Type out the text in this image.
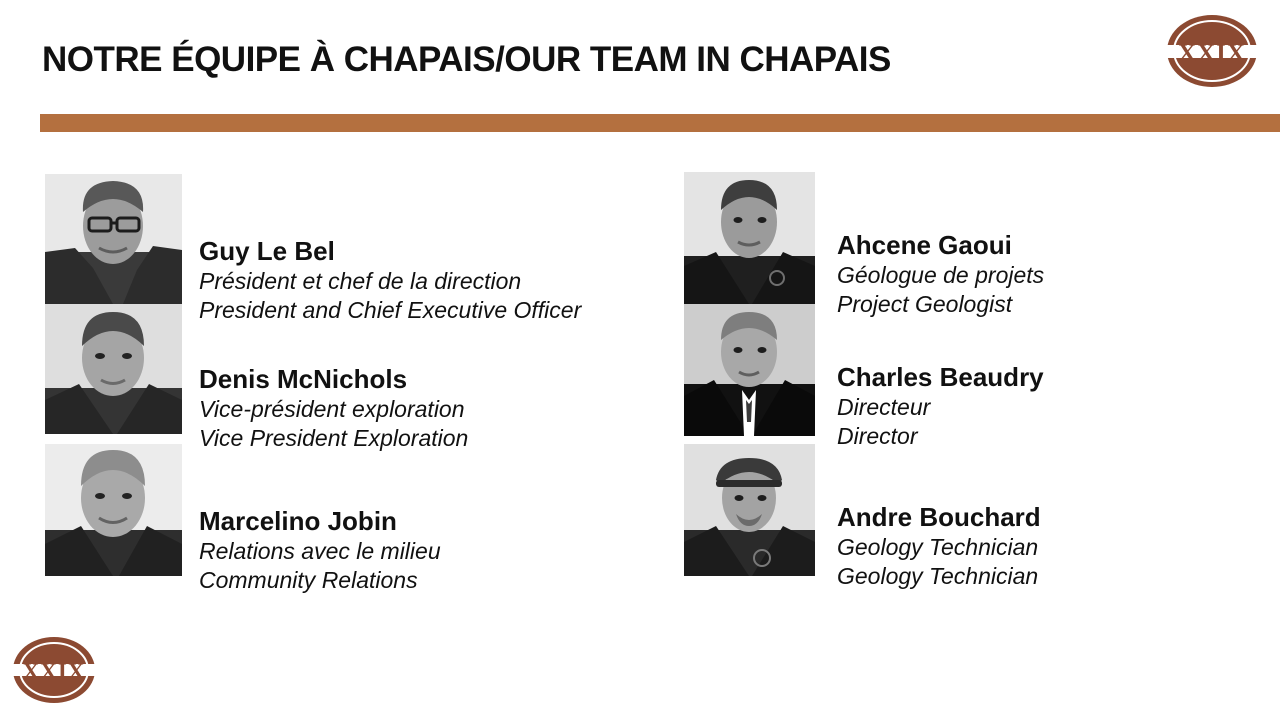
NOTRE ÉQUIPE À CHAPAIS/OUR TEAM IN CHAPAIS	XXIX
XXIX
Guy Le Bel
Président et chef de la direction
President and Chief Executive Officer
Denis McNichols
Vice-président exploration
Vice President Exploration
Marcelino Jobin
Relations avec le milieu
Community Relations
Ahcene Gaoui
Géologue de projets
Project Geologist
Charles Beaudry
Directeur
Director
Andre Bouchard
Geology Technician
Geology Technician
